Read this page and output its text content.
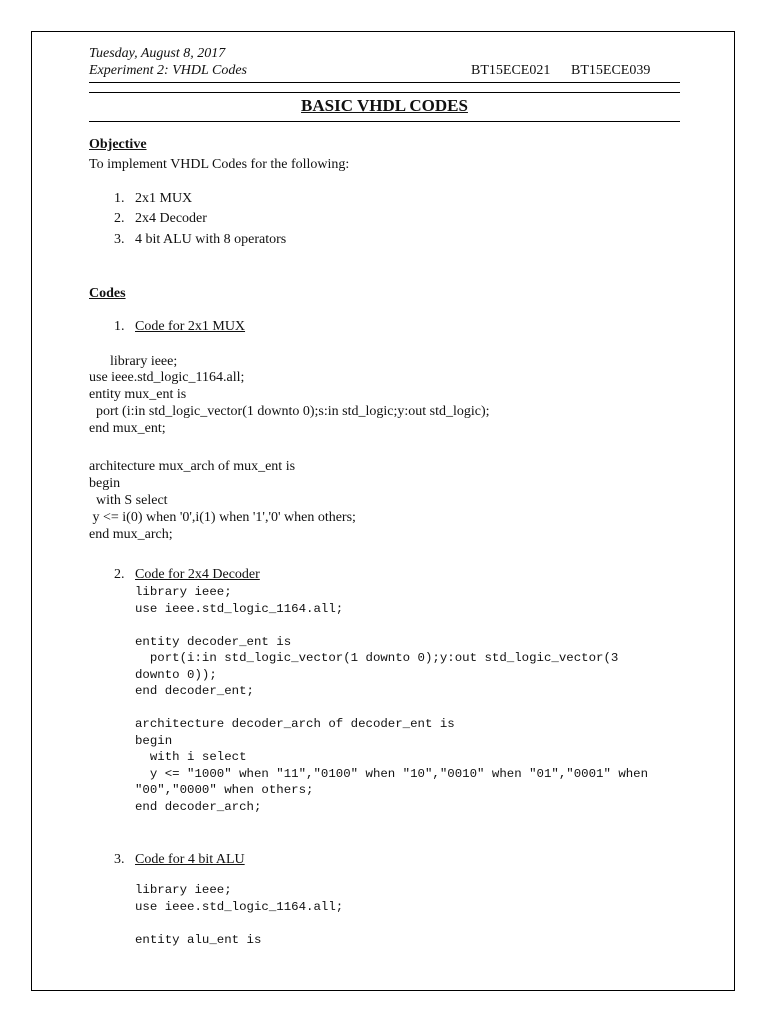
Tuesday, August 8, 2017
Experiment 2: VHDL Codes	BT15ECE021 BT15ECE039
BASIC VHDL CODES
Objective
To implement VHDL Codes for the following:
1. 2x1 MUX
2. 2x4 Decoder
3. 4 bit ALU with 8 operators
Codes
1. Code for 2x1 MUX
library ieee;
use ieee.std_logic_1164.all;
entity mux_ent is
port (i:in std_logic_vector(1 downto 0);s:in std_logic;y:out std_logic);
end mux_ent;
architecture mux_arch of mux_ent is
begin
with S select
y <= i(0) when '0',i(1) when '1','0' when others;
end mux_arch;
2. Code for 2x4 Decoder
library ieee;
use ieee.std_logic_1164.all;

entity decoder_ent is
port(i:in std_logic_vector(1 downto 0);y:out std_logic_vector(3
downto 0));
end decoder_ent;

architecture decoder_arch of decoder_ent is
begin
with i select
y <= "1000" when "11","0100" when "10","0010" when "01","0001" when
"00","0000" when others;
end decoder_arch;
3. Code for 4 bit ALU
library ieee;
use ieee.std_logic_1164.all;

entity alu_ent is
